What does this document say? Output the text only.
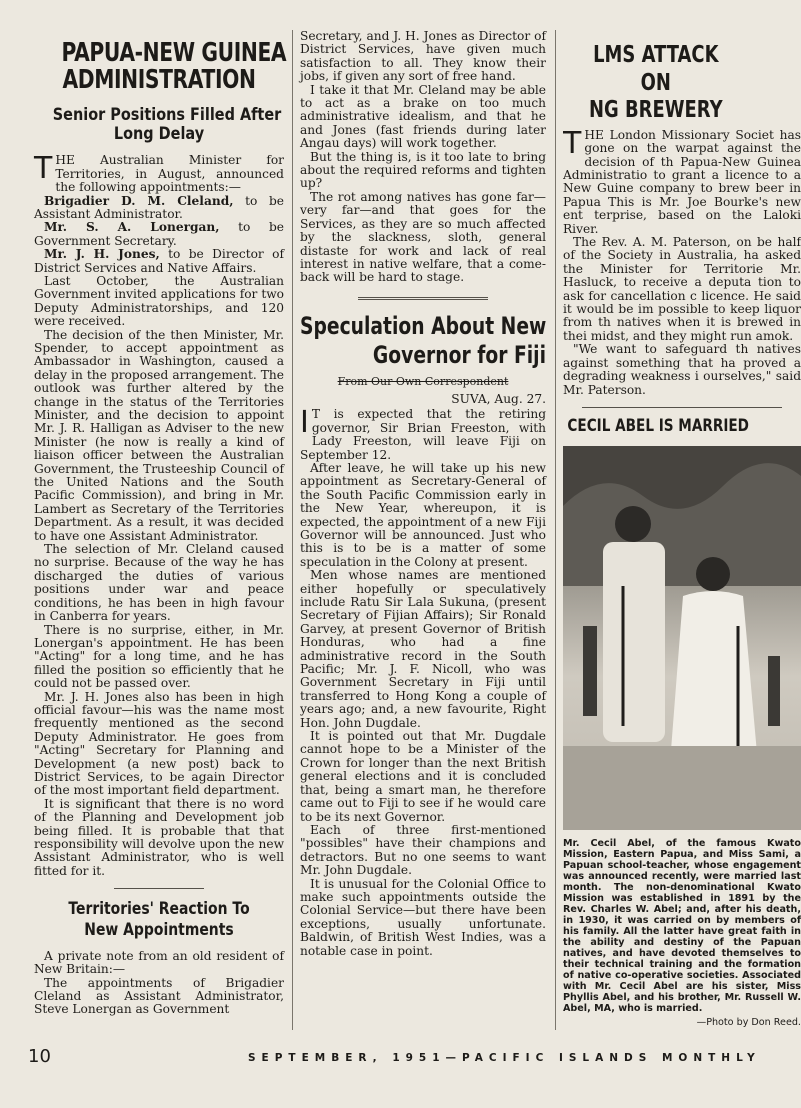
PAPUA-NEW GUINEA
ADMINISTRATION
Senior Positions Filled After
Long Delay

THE Australian Minister for Territories, in August, announced the following appointments:—

Brigadier D. M. Cleland, to be Assistant Administrator.

Mr. S. A. Lonergan, to be Government Secretary.

Mr. J. H. Jones, to be Director of District Services and Native Affairs.

Last October, the Australian Government invited applications for two Deputy Administratorships, and 120 were received.

The decision of the then Minister, Mr. Spender, to accept appointment as Ambassador in Washington, caused a delay in the proposed arrangement. The outlook was further altered by the change in the status of the Territories Minister, and the decision to appoint Mr. J. R. Halligan as Adviser to the new Minister (he now is really a kind of liaison officer between the Australian Government, the Trusteeship Council of the United Nations and the South Pacific Commission), and bring in Mr. Lambert as Secretary of the Territories Department. As a result, it was decided to have one Assistant Administrator.

The selection of Mr. Cleland caused no surprise. Because of the way he has discharged the duties of various positions under war and peace conditions, he has been in high favour in Canberra for years.

There is no surprise, either, in Mr. Lonergan's appointment. He has been "Acting" for a long time, and he has filled the position so efficiently that he could not be passed over.

Mr. J. H. Jones also has been in high official favour—his was the name most frequently mentioned as the second Deputy Administrator. He goes from "Acting" Secretary for Planning and Development (a new post) back to District Services, to be again Director of the most important field department.

It is significant that there is no word of the Planning and Development job being filled. It is probable that that responsibility will devolve upon the new Assistant Administrator, who is well fitted for it.

Territories' Reaction To
New Appointments

A private note from an old resident of New Britain:—

The appointments of Brigadier Cleland as Assistant Administrator, Steve Lonergan as Government

Secretary, and J. H. Jones as Director of District Services, have given much satisfaction to all. They know their jobs, if given any sort of free hand.

I take it that Mr. Cleland may be able to act as a brake on too much administrative idealism, and that he and Jones (fast friends during later Angau days) will work together.

But the thing is, is it too late to bring about the required reforms and tighten up?

The rot among natives has gone far—very far—and that goes for the Services, as they are so much affected by the slackness, sloth, general distaste for work and lack of real interest in native welfare, that a come-back will be hard to stage.

Speculation About New
Governor for Fiji
From Our Own Correspondent
SUVA, Aug. 27.

IT is expected that the retiring governor, Sir Brian Freeston, with Lady Freeston, will leave Fiji on September 12.

After leave, he will take up his new appointment as Secretary-General of the South Pacific Commission early in the New Year, whereupon, it is expected, the appointment of a new Fiji Governor will be announced. Just who this is to be is a matter of some speculation in the Colony at present.

Men whose names are mentioned either hopefully or speculatively include Ratu Sir Lala Sukuna, (present Secretary of Fijian Affairs); Sir Ronald Garvey, at present Governor of British Honduras, who had a fine administrative record in the South Pacific; Mr. J. F. Nicoll, who was Government Secretary in Fiji until transferred to Hong Kong a couple of years ago; and, a new favourite, Right Hon. John Dugdale.

It is pointed out that Mr. Dugdale cannot hope to be a Minister of the Crown for longer than the next British general elections and it is concluded that, being a smart man, he therefore came out to Fiji to see if he would care to be its next Governor.

Each of three first-mentioned "possibles" have their champions and detractors. But no one seems to want Mr. John Dugdale.

It is unusual for the Colonial Office to make such appointments outside the Colonial Service—but there have been exceptions, usually unfortunate. Baldwin, of British West Indies, was a notable case in point.

LMS ATTACK
ON
NG BREWERY

THE London Missionary Societ has gone on the warpat against the decision of th Papua-New Guinea Administratio to grant a licence to a New Guine company to brew beer in Papua This is Mr. Joe Bourke's new ent terprise, based on the Laloki River.

The Rev. A. M. Paterson, on be half of the Society in Australia, ha asked the Minister for Territorie Mr. Hasluck, to receive a deputa tion to ask for cancellation c licence. He said it would be im possible to keep liquor from th natives when it is brewed in thei midst, and they might run amok.

"We want to safeguard th natives against something that ha proved a degrading weakness i ourselves," said Mr. Paterson.

CECIL ABEL IS MARRIED
Mr. Cecil Abel, of the famous Kwato Mission, Eastern Papua, and Miss Sami, a Papuan school-teacher, whose engagement was announced recently, were married last month. The non-denominational Kwato Mission was established in 1891 by the Rev. Charles W. Abel; and, after his death, in 1930, it was carried on by members of his family. All the latter have great faith in the ability and destiny of the Papuan natives, and have devoted themselves to their technical training and the formation of native co-operative societies. Associated with Mr. Cecil Abel are his sister, Miss Phyllis Abel, and his brother, Mr. Russell W. Abel, MA, who is married.
—Photo by Don Reed.
10	SEPTEMBER, 1951—PACIFIC ISLANDS MONTHLY
